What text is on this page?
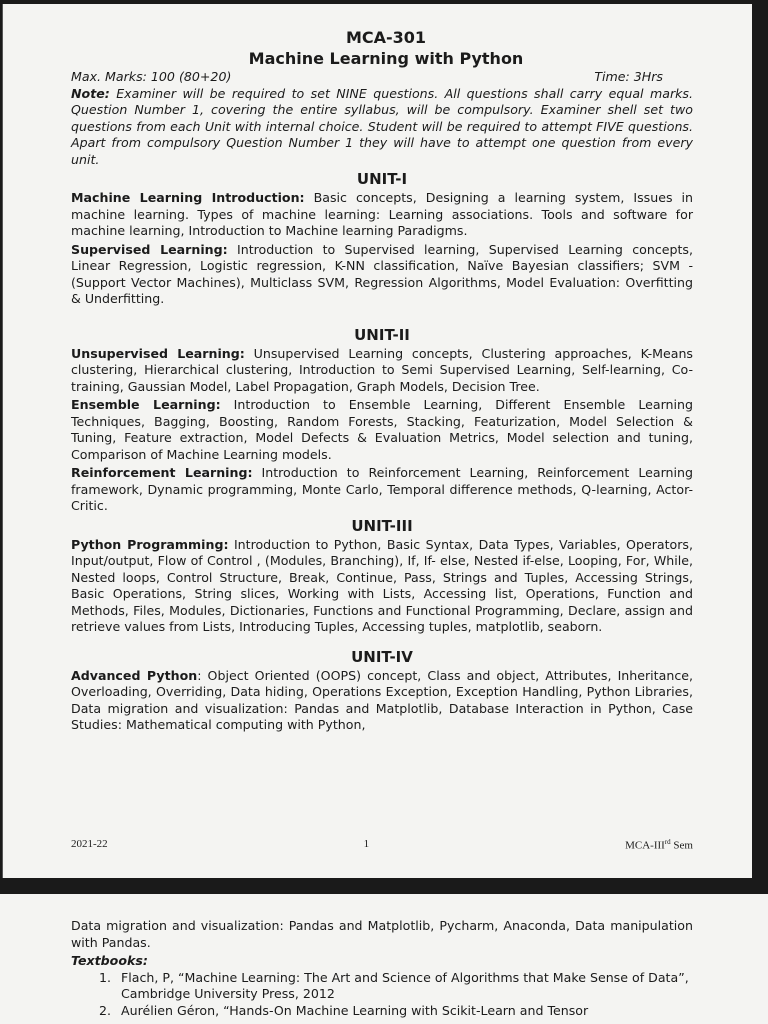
MCA-301
Machine Learning with Python
Max. Marks: 100 (80+20)	Time: 3Hrs
Note: Examiner will be required to set NINE questions. All questions shall carry equal marks. Question Number 1, covering the entire syllabus, will be compulsory. Examiner shell set two questions from each Unit with internal choice. Student will be required to attempt FIVE questions. Apart from compulsory Question Number 1 they will have to attempt one question from every unit.
UNIT-I

Machine Learning Introduction: Basic concepts, Designing a learning system, Issues in machine learning. Types of machine learning: Learning associations. Tools and software for machine learning, Introduction to Machine learning Paradigms.

Supervised Learning: Introduction to Supervised learning, Supervised Learning concepts, Linear Regression, Logistic regression, K-NN classification, Naïve Bayesian classifiers; SVM - (Support Vector Machines), Multiclass SVM, Regression Algorithms, Model Evaluation: Overfitting & Underfitting.

UNIT-II

Unsupervised Learning: Unsupervised Learning concepts, Clustering approaches, K-Means clustering, Hierarchical clustering, Introduction to Semi Supervised Learning, Self-learning, Co-training, Gaussian Model, Label Propagation, Graph Models, Decision Tree.

Ensemble Learning: Introduction to Ensemble Learning, Different Ensemble Learning Techniques, Bagging, Boosting, Random Forests, Stacking, Featurization, Model Selection & Tuning, Feature extraction, Model Defects & Evaluation Metrics, Model selection and tuning, Comparison of Machine Learning models.

Reinforcement Learning: Introduction to Reinforcement Learning, Reinforcement Learning framework, Dynamic programming, Monte Carlo, Temporal difference methods, Q-learning, Actor-Critic.

UNIT-III

Python Programming: Introduction to Python, Basic Syntax, Data Types, Variables, Operators, Input/output, Flow of Control , (Modules, Branching), If, If- else, Nested if-else, Looping, For, While, Nested loops, Control Structure, Break, Continue, Pass, Strings and Tuples, Accessing Strings, Basic Operations, String slices, Working with Lists, Accessing list, Operations, Function and Methods, Files, Modules, Dictionaries, Functions and Functional Programming, Declare, assign and retrieve values from Lists, Introducing Tuples, Accessing tuples, matplotlib, seaborn.

UNIT-IV

Advanced Python: Object Oriented (OOPS) concept, Class and object, Attributes, Inheritance, Overloading, Overriding, Data hiding, Operations Exception, Exception Handling, Python Libraries, Data migration and visualization: Pandas and Matplotlib, Database Interaction in Python, Case Studies: Mathematical computing with Python,

2021-22	1	MCA-IIIrd Sem

Data migration and visualization: Pandas and Matplotlib, Pycharm, Anaconda, Data manipulation with Pandas.

Textbooks:
1. Flach, P, “Machine Learning: The Art and Science of Algorithms that Make Sense of Data”, Cambridge University Press, 2012
2. Aurélien Géron, “Hands-On Machine Learning with Scikit-Learn and Tensor
